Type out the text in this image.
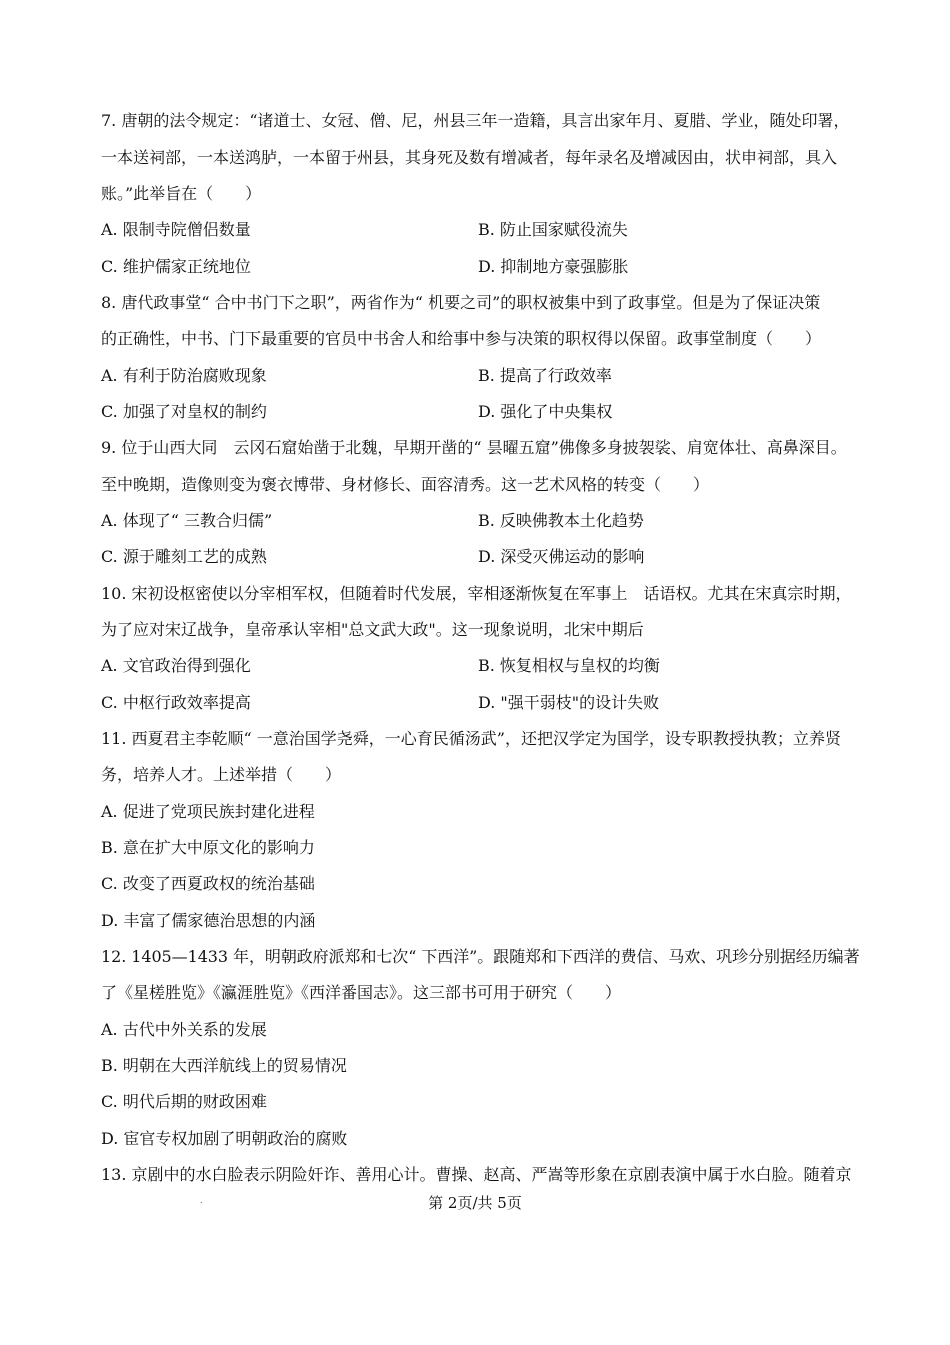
7. 唐朝的法令规定：“诸道士、女冠、僧、尼，州县三年一造籍，具言出家年月、夏腊、学业，随处印署，
一本送祠部，一本送鸿胪，一本留于州县，其身死及数有增减者，每年录名及增减因由，状申祠部，具入
账。”此举旨在（　　）
A. 限制寺院僧侣数量	B. 防止国家赋役流失
C. 维护儒家正统地位	D. 抑制地方豪强膨胀
8. 唐代政事堂“ 合中书门下之职”，两省作为“ 机要之司”的职权被集中到了政事堂。但是为了保证决策
的正确性，中书、门下最重要的官员中书舍人和给事中参与决策的职权得以保留。政事堂制度（　　）
A. 有利于防治腐败现象	B. 提高了行政效率
C. 加强了对皇权的制约	D. 强化了中央集权
9. 位于山西大同　云冈石窟始凿于北魏，早期开凿的“ 昙曜五窟”佛像多身披袈裟、肩宽体壮、高鼻深目。
至中晚期，造像则变为褒衣博带、身材修长、面容清秀。这一艺术风格的转变（　　）
A. 体现了“ 三教合归儒”	B. 反映佛教本土化趋势
C. 源于雕刻工艺的成熟	D. 深受灭佛运动的影响
10. 宋初设枢密使以分宰相军权，但随着时代发展，宰相逐渐恢复在军事上　话语权。尤其在宋真宗时期，
为了应对宋辽战争，皇帝承认宰相"总文武大政"。这一现象说明，北宋中期后
A. 文官政治得到强化	B. 恢复相权与皇权的均衡
C. 中枢行政效率提高	D. "强干弱枝"的设计失败
11. 西夏君主李乾顺“ 一意治国学尧舜，一心育民循汤武”，还把汉学定为国学，设专职教授执教；立养贤
务，培养人才。上述举措（　　）
A. 促进了党项民族封建化进程
B. 意在扩大中原文化的影响力
C. 改变了西夏政权的统治基础
D. 丰富了儒家德治思想的内涵
12. 1405—1433 年，明朝政府派郑和七次“ 下西洋”。跟随郑和下西洋的费信、马欢、巩珍分别据经历编著
了《星槎胜览》《瀛涯胜览》《西洋番国志》。这三部书可用于研究（　　）
A. 古代中外关系的发展
B. 明朝在大西洋航线上的贸易情况
C. 明代后期的财政困难
D. 宦官专权加剧了明朝政治的腐败
13. 京剧中的水白脸表示阴险奸诈、善用心计。曹操、赵高、严嵩等形象在京剧表演中属于水白脸。随着京
.	第 2页/共 5页
